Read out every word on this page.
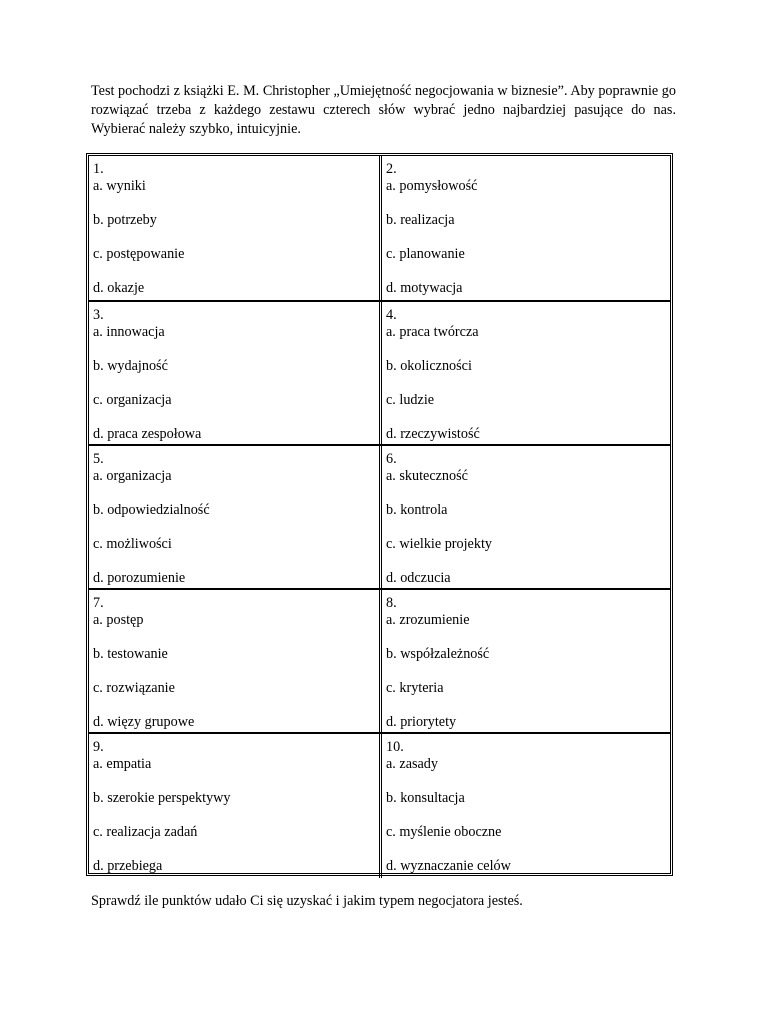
Test pochodzi z książki E. M. Christopher „Umiejętność negocjowania w biznesie”. Aby poprawnie go rozwiązać trzeba z każdego zestawu czterech słów wybrać jedno najbardziej pasujące do nas. Wybierać należy szybko, intuicyjnie.

1.
a. wyniki
b. potrzeby
c. postępowanie
d. okazje
2.
a. pomysłowość
b. realizacja
c. planowanie
d. motywacja
3.
a. innowacja
b. wydajność
c. organizacja
d. praca zespołowa
4.
a. praca twórcza
b. okoliczności
c. ludzie
d. rzeczywistość
5.
a. organizacja
b. odpowiedzialność
c. możliwości
d. porozumienie
6.
a. skuteczność
b. kontrola
c. wielkie projekty
d. odczucia
7.
a. postęp
b. testowanie
c. rozwiązanie
d. więzy grupowe
8.
a. zrozumienie
b. współzależność
c. kryteria
d. priorytety
9.
a. empatia
b. szerokie perspektywy
c. realizacja zadań
d. przebiega
10.
a. zasady
b. konsultacja
c. myślenie oboczne
d. wyznaczanie celów

Sprawdź ile punktów udało Ci się uzyskać i jakim typem negocjatora jesteś.
